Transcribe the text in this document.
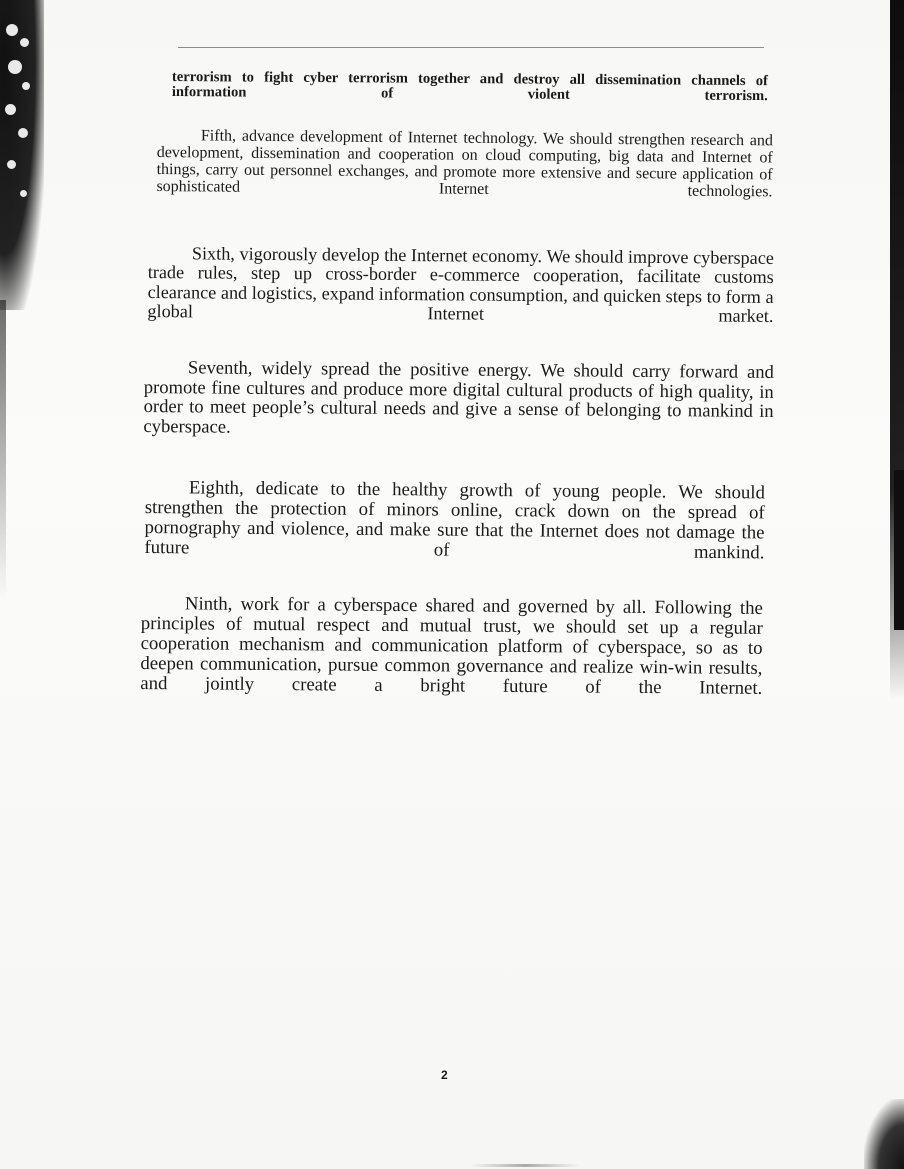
terrorism to fight cyber terrorism together and destroy all dissemination channels of information of violent terrorism.
Fifth, advance development of Internet technology. We should strengthen research and development, dissemination and cooperation on cloud computing, big data and Internet of things, carry out personnel exchanges, and promote more extensive and secure application of sophisticated Internet technologies.
Sixth, vigorously develop the Internet economy. We should improve cyberspace trade rules, step up cross-border e-commerce cooperation, facilitate customs clearance and logistics, expand information consumption, and quicken steps to form a global Internet market.
Seventh, widely spread the positive energy. We should carry forward and promote fine cultures and produce more digital cultural products of high quality, in order to meet people’s cultural needs and give a sense of belonging to mankind in cyberspace.
Eighth, dedicate to the healthy growth of young people. We should strengthen the protection of minors online, crack down on the spread of pornography and violence, and make sure that the Internet does not damage the future of mankind.
Ninth, work for a cyberspace shared and governed by all. Following the principles of mutual respect and mutual trust, we should set up a regular cooperation mechanism and communication platform of cyberspace, so as to deepen communication, pursue common governance and realize win-win results, and jointly create a bright future of the Internet.
2
